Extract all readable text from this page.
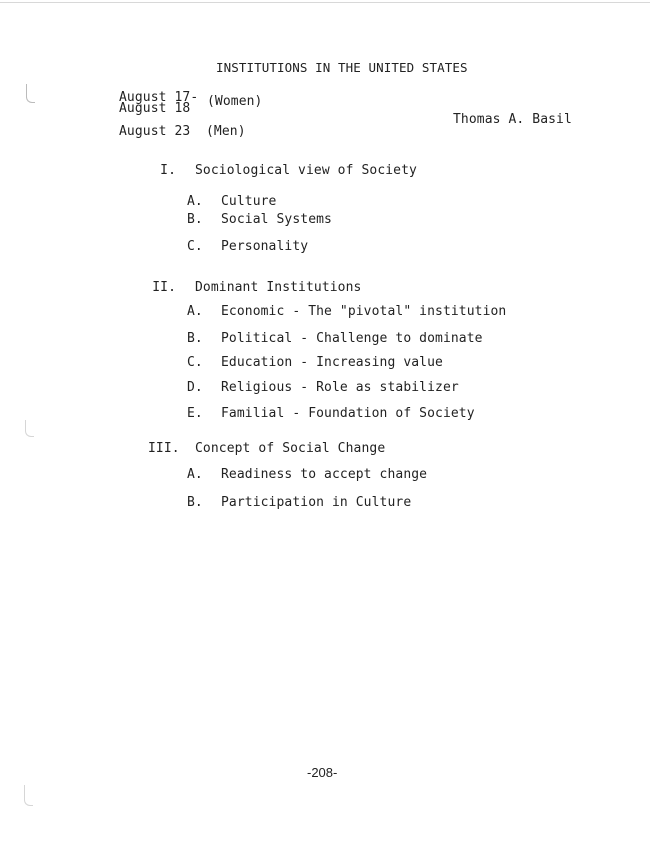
INSTITUTIONS IN THE UNITED STATES
August 17-
August 18 (Women)
August 23 (Men)
Thomas A. Basil
I. Sociological view of Society
A. Culture
B. Social Systems
C. Personality
II. Dominant Institutions
A. Economic - The "pivotal" institution
B. Political - Challenge to dominate
C. Education - Increasing value
D. Religious - Role as stabilizer
E. Familial - Foundation of Society
III. Concept of Social Change
A. Readiness to accept change
B. Participation in Culture
-208-
